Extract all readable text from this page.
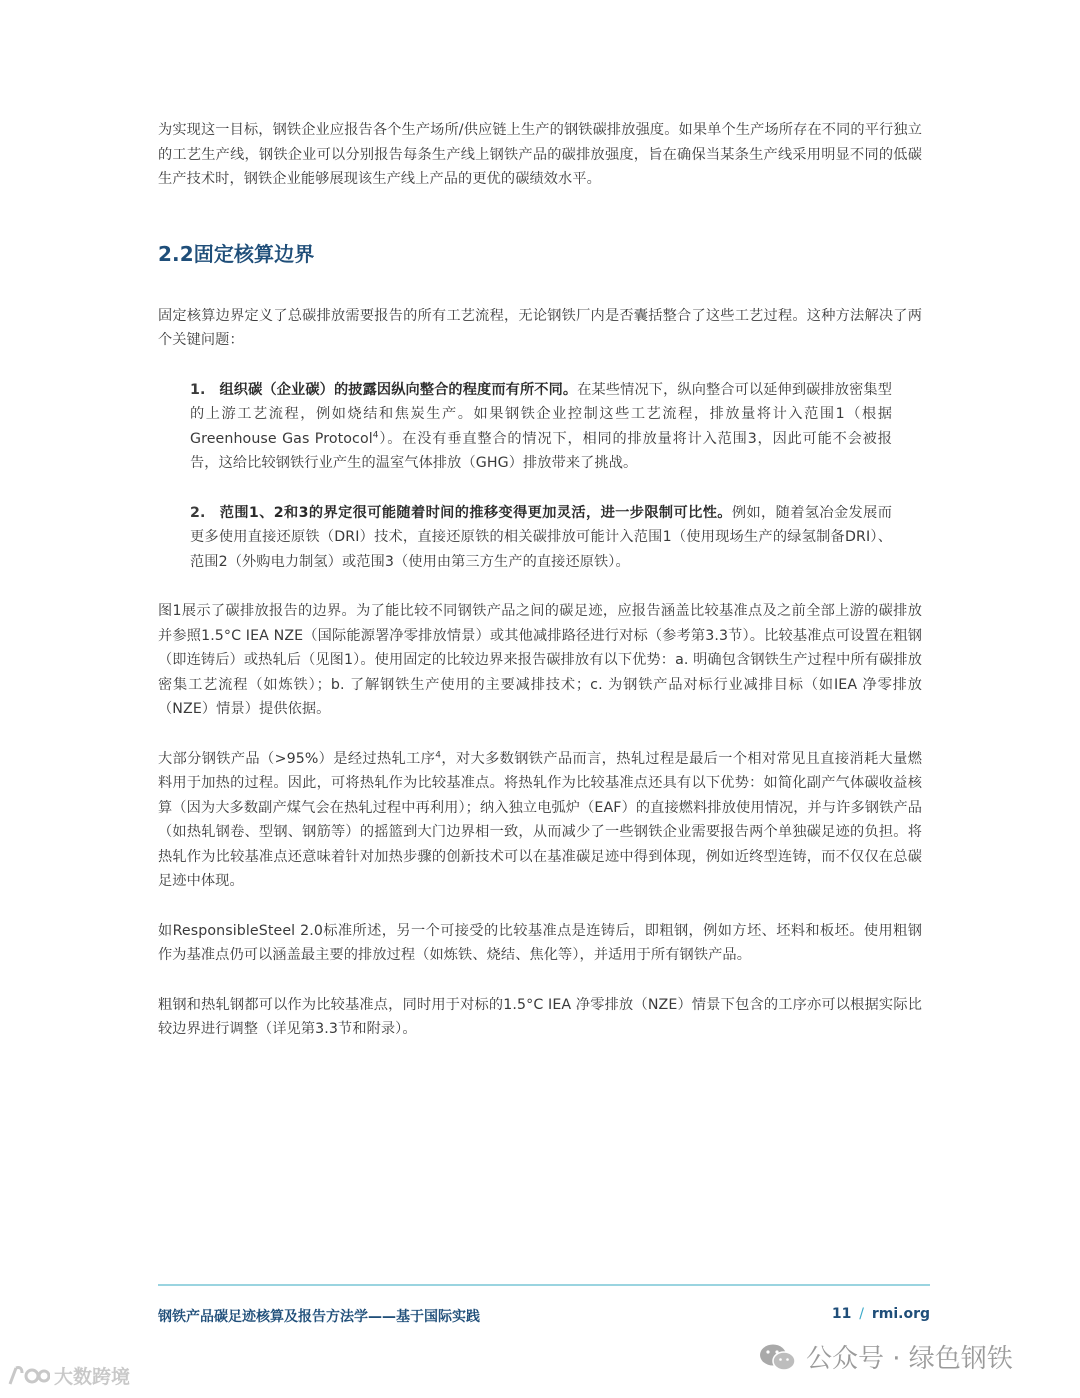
为实现这一目标，钢铁企业应报告各个生产场所/供应链上生产的钢铁碳排放强度。如果单个生产场所存在不同的平行独立的工艺生产线，钢铁企业可以分别报告每条生产线上钢铁产品的碳排放强度，旨在确保当某条生产线采用明显不同的低碳生产技术时，钢铁企业能够展现该生产线上产品的更优的碳绩效水平。

2.2固定核算边界

固定核算边界定义了总碳排放需要报告的所有工艺流程，无论钢铁厂内是否囊括整合了这些工艺过程。这种方法解决了两个关键问题：

1. 组织碳（企业碳）的披露因纵向整合的程度而有所不同。在某些情况下，纵向整合可以延伸到碳排放密集型的上游工艺流程，例如烧结和焦炭生产。如果钢铁企业控制这些工艺流程，排放量将计入范围1（根据Greenhouse Gas Protocol$^4$）。在没有垂直整合的情况下，相同的排放量将计入范围3，因此可能不会被报告，这给比较钢铁行业产生的温室气体排放（GHG）排放带来了挑战。
2. 范围1、2和3的界定很可能随着时间的推移变得更加灵活，进一步限制可比性。例如，随着氢冶金发展而更多使用直接还原铁（DRI）技术，直接还原铁的相关碳排放可能计入范围1（使用现场生产的绿氢制备DRI）、范围2（外购电力制氢）或范围3（使用由第三方生产的直接还原铁）。

图1展示了碳排放报告的边界。为了能比较不同钢铁产品之间的碳足迹，应报告涵盖比较基准点及之前全部上游的碳排放并参照1.5°C IEA NZE（国际能源署净零排放情景）或其他减排路径进行对标（参考第3.3节）。比较基准点可设置在粗钢（即连铸后）或热轧后（见图1）。使用固定的比较边界来报告碳排放有以下优势：a. 明确包含钢铁生产过程中所有碳排放密集工艺流程（如炼铁）；b. 了解钢铁生产使用的主要减排技术；c. 为钢铁产品对标行业减排目标（如IEA 净零排放（NZE）情景）提供依据。

大部分钢铁产品（>95%）是经过热轧工序$^4$，对大多数钢铁产品而言，热轧过程是最后一个相对常见且直接消耗大量燃料用于加热的过程。因此，可将热轧作为比较基准点。将热轧作为比较基准点还具有以下优势：如简化副产气体碳收益核算（因为大多数副产煤气会在热轧过程中再利用）；纳入独立电弧炉（EAF）的直接燃料排放使用情况，并与许多钢铁产品（如热轧钢卷、型钢、钢筋等）的摇篮到大门边界相一致，从而减少了一些钢铁企业需要报告两个单独碳足迹的负担。将热轧作为比较基准点还意味着针对加热步骤的创新技术可以在基准碳足迹中得到体现，例如近终型连铸，而不仅仅在总碳足迹中体现。

如ResponsibleSteel 2.0标准所述，另一个可接受的比较基准点是连铸后，即粗钢，例如方坯、坯料和板坯。使用粗钢作为基准点仍可以涵盖最主要的排放过程（如炼铁、烧结、焦化等），并适用于所有钢铁产品。

粗钢和热轧钢都可以作为比较基准点，同时用于对标的1.5°C IEA 净零排放（NZE）情景下包含的工序亦可以根据实际比较边界进行调整（详见第3.3节和附录）。

钢铁产品碳足迹核算及报告方法学——基于国际实践	11 / rmi.org
公众号 · 绿色钢铁
大数跨境
